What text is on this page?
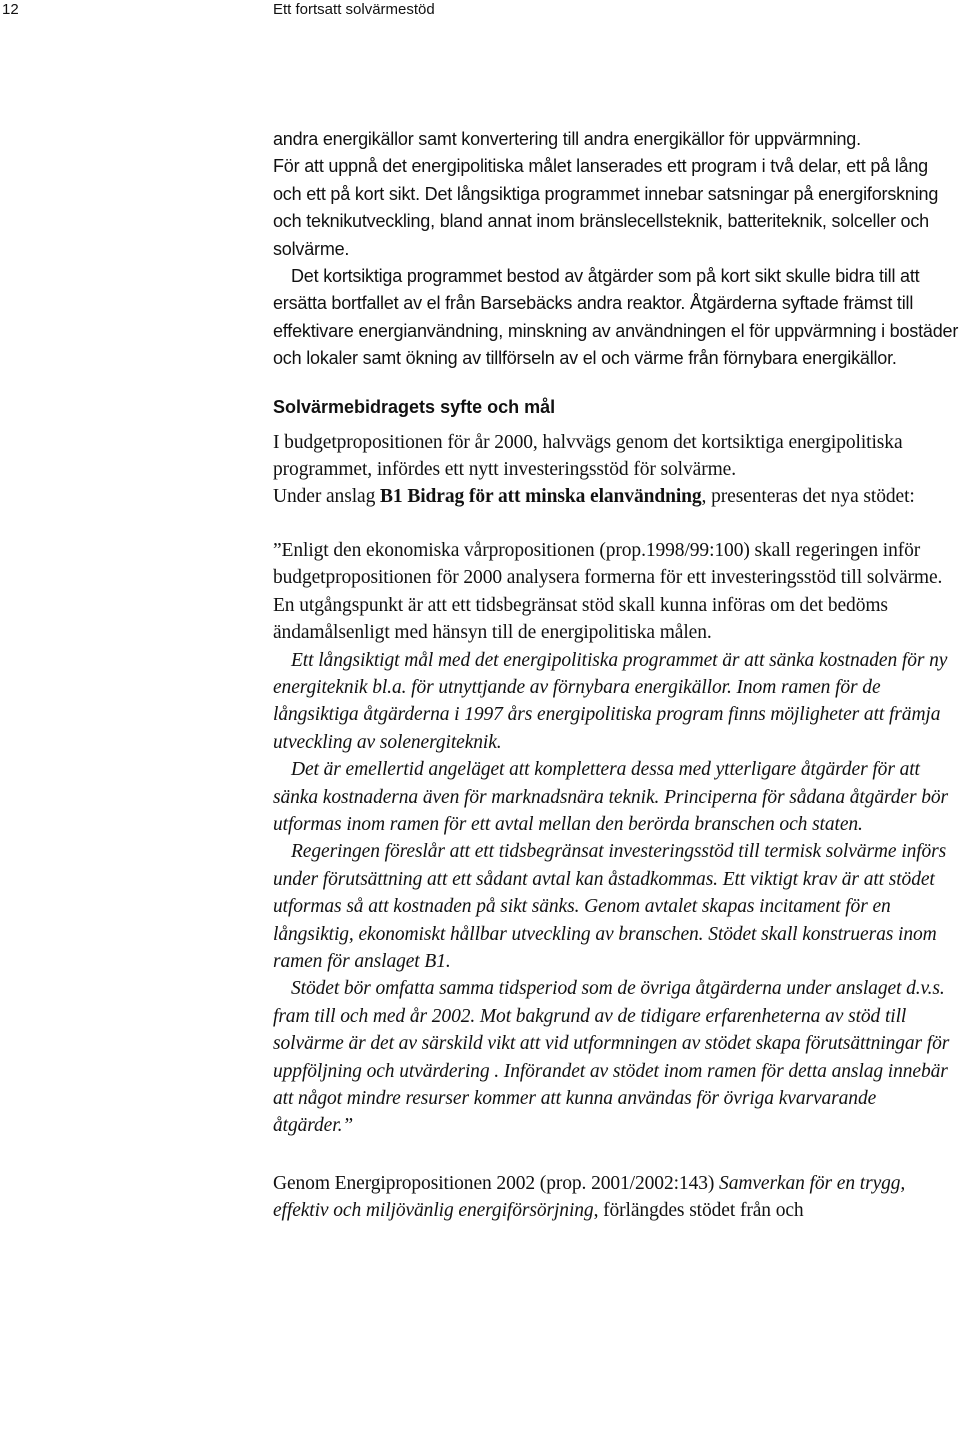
12	Ett fortsatt solvärmestöd

andra energikällor samt konvertering till andra energikällor för uppvärmning.

För att uppnå det energipolitiska målet lanserades ett program i två delar, ett på lång och ett på kort sikt. Det långsiktiga programmet innebar satsningar på energiforskning och teknikutveckling, bland annat inom bränslecellsteknik, batteriteknik, solceller och solvärme.

Det kortsiktiga programmet bestod av åtgärder som på kort sikt skulle bidra till att ersätta bortfallet av el från Barsebäcks andra reaktor. Åtgärderna syftade främst till effektivare energianvändning, minskning av användningen el för uppvärmning i bostäder och lokaler samt ökning av tillförseln av el och värme från förnybara energikällor.

Solvärmebidragets syfte och mål

I budgetpropositionen för år 2000, halvvägs genom det kortsiktiga energipolitiska programmet, infördes ett nytt investeringsstöd för solvärme.

Under anslag B1 Bidrag för att minska elanvändning, presenteras det nya stödet:

”Enligt den ekonomiska vårpropositionen (prop.1998/99:100) skall regeringen inför budgetpropositionen för 2000 analysera formerna för ett investeringsstöd till solvärme. En utgångspunkt är att ett tidsbegränsat stöd skall kunna införas om det bedöms ändamålsenligt med hänsyn till de energipolitiska målen.

Ett långsiktigt mål med det energipolitiska programmet är att sänka kostnaden för ny energiteknik bl.a. för utnyttjande av förnybara energikällor. Inom ramen för de långsiktiga åtgärderna i 1997 års energipolitiska program finns möjligheter att främja utveckling av solenergiteknik.

Det är emellertid angeläget att komplettera dessa med ytterligare åtgärder för att sänka kostnaderna även för marknadsnära teknik. Principerna för sådana åtgärder bör utformas inom ramen för ett avtal mellan den berörda branschen och staten.

Regeringen föreslår att ett tidsbegränsat investeringsstöd till termisk solvärme införs under förutsättning att ett sådant avtal kan åstadkommas. Ett viktigt krav är att stödet utformas så att kostnaden på sikt sänks. Genom avtalet skapas incitament för en långsiktig, ekonomiskt hållbar utveckling av branschen. Stödet skall konstrueras inom ramen för anslaget B1.

Stödet bör omfatta samma tidsperiod som de övriga åtgärderna under anslaget d.v.s. fram till och med år 2002. Mot bakgrund av de tidigare erfarenheterna av stöd till solvärme är det av särskild vikt att vid utformningen av stödet skapa förutsättningar för uppföljning och utvärdering . Införandet av stödet inom ramen för detta anslag innebär att något mindre resurser kommer att kunna användas för övriga kvarvarande åtgärder.”

Genom Energipropositionen 2002 (prop. 2001/2002:143) Samverkan för en trygg, effektiv och miljövänlig energiförsörjning, förlängdes stödet från och
